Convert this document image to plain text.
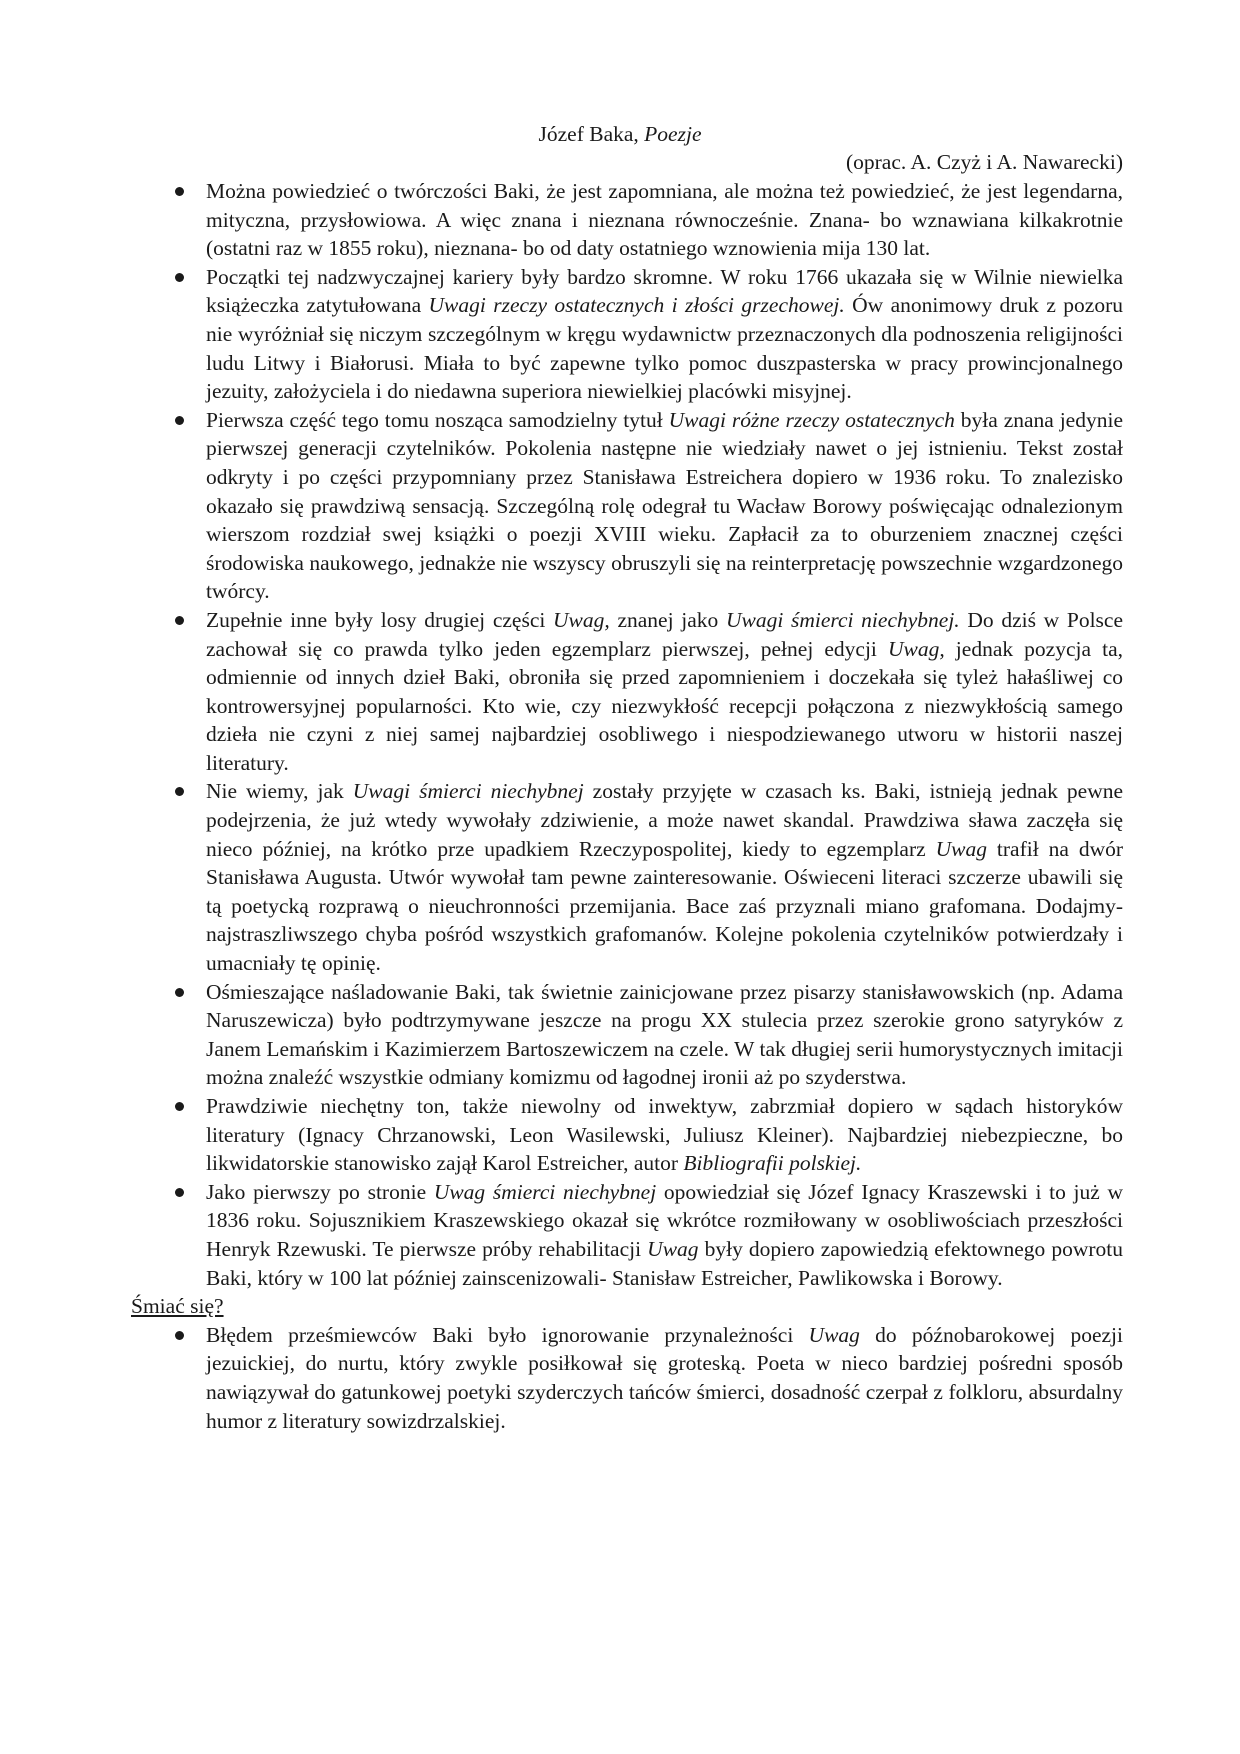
Józef Baka, Poezje

(oprac. A. Czyż i A. Nawarecki)

Można powiedzieć o twórczości Baki, że jest zapomniana, ale można też powiedzieć, że jest legendarna, mityczna, przysłowiowa. A więc znana i nieznana równocześnie. Znana- bo wznawiana kilkakrotnie (ostatni raz w 1855 roku), nieznana- bo od daty ostatniego wznowienia mija 130 lat.
Początki tej nadzwyczajnej kariery były bardzo skromne. W roku 1766 ukazała się w Wilnie niewielka książeczka zatytułowana Uwagi rzeczy ostatecznych i złości grzechowej. Ów anonimowy druk z pozoru nie wyróżniał się niczym szczególnym w kręgu wydawnictw przeznaczonych dla podnoszenia religijności ludu Litwy i Białorusi. Miała to być zapewne tylko pomoc duszpasterska w pracy prowincjonalnego jezuity, założyciela i do niedawna superiora niewielkiej placówki misyjnej.
Pierwsza część tego tomu nosząca samodzielny tytuł Uwagi różne rzeczy ostatecznych była znana jedynie pierwszej generacji czytelników. Pokolenia następne nie wiedziały nawet o jej istnieniu. Tekst został odkryty i po części przypomniany przez Stanisława Estreichera dopiero w 1936 roku. To znalezisko okazało się prawdziwą sensacją. Szczególną rolę odegrał tu Wacław Borowy poświęcając odnalezionym wierszom rozdział swej książki o poezji XVIII wieku. Zapłacił za to oburzeniem znacznej części środowiska naukowego, jednakże nie wszyscy obruszyli się na reinterpretację powszechnie wzgardzonego twórcy.
Zupełnie inne były losy drugiej części Uwag, znanej jako Uwagi śmierci niechybnej. Do dziś w Polsce zachował się co prawda tylko jeden egzemplarz pierwszej, pełnej edycji Uwag, jednak pozycja ta, odmiennie od innych dzieł Baki, obroniła się przed zapomnieniem i doczekała się tyleż hałaśliwej co kontrowersyjnej popularności. Kto wie, czy niezwykłość recepcji połączona z niezwykłością samego dzieła nie czyni z niej samej najbardziej osobliwego i niespodziewanego utworu w historii naszej literatury.
Nie wiemy, jak Uwagi śmierci niechybnej zostały przyjęte w czasach ks. Baki, istnieją jednak pewne podejrzenia, że już wtedy wywołały zdziwienie, a może nawet skandal. Prawdziwa sława zaczęła się nieco później, na krótko prze upadkiem Rzeczypospolitej, kiedy to egzemplarz Uwag trafił na dwór Stanisława Augusta. Utwór wywołał tam pewne zainteresowanie. Oświeceni literaci szczerze ubawili się tą poetycką rozprawą o nieuchronności przemijania. Bace zaś przyznali miano grafomana. Dodajmy- najstraszliwszego chyba pośród wszystkich grafomanów. Kolejne pokolenia czytelników potwierdzały i umacniały tę opinię.
Ośmieszające naśladowanie Baki, tak świetnie zainicjowane przez pisarzy stanisławowskich (np. Adama Naruszewicza) było podtrzymywane jeszcze na progu XX stulecia przez szerokie grono satyryków z Janem Lemańskim i Kazimierzem Bartoszewiczem na czele. W tak długiej serii humorystycznych imitacji można znaleźć wszystkie odmiany komizmu od łagodnej ironii aż po szyderstwa.
Prawdziwie niechętny ton, także niewolny od inwektyw, zabrzmiał dopiero w sądach historyków literatury (Ignacy Chrzanowski, Leon Wasilewski, Juliusz Kleiner). Najbardziej niebezpieczne, bo likwidatorskie stanowisko zajął Karol Estreicher, autor Bibliografii polskiej.
Jako pierwszy po stronie Uwag śmierci niechybnej opowiedział się Józef Ignacy Kraszewski i to już w 1836 roku. Sojusznikiem Kraszewskiego okazał się wkrótce rozmiłowany w osobliwościach przeszłości Henryk Rzewuski. Te pierwsze próby rehabilitacji Uwag były dopiero zapowiedzią efektownego powrotu Baki, który w 100 lat później zainscenizowali- Stanisław Estreicher, Pawlikowska i Borowy.
Śmiać się?
Błędem prześmiewców Baki było ignorowanie przynależności Uwag do późnobarokowej poezji jezuickiej, do nurtu, który zwykle posiłkował się groteską. Poeta w nieco bardziej pośredni sposób nawiązywał do gatunkowej poetyki szyderczych tańców śmierci, dosadność czerpał z folkloru, absurdalny humor z literatury sowizdrzalskiej.
